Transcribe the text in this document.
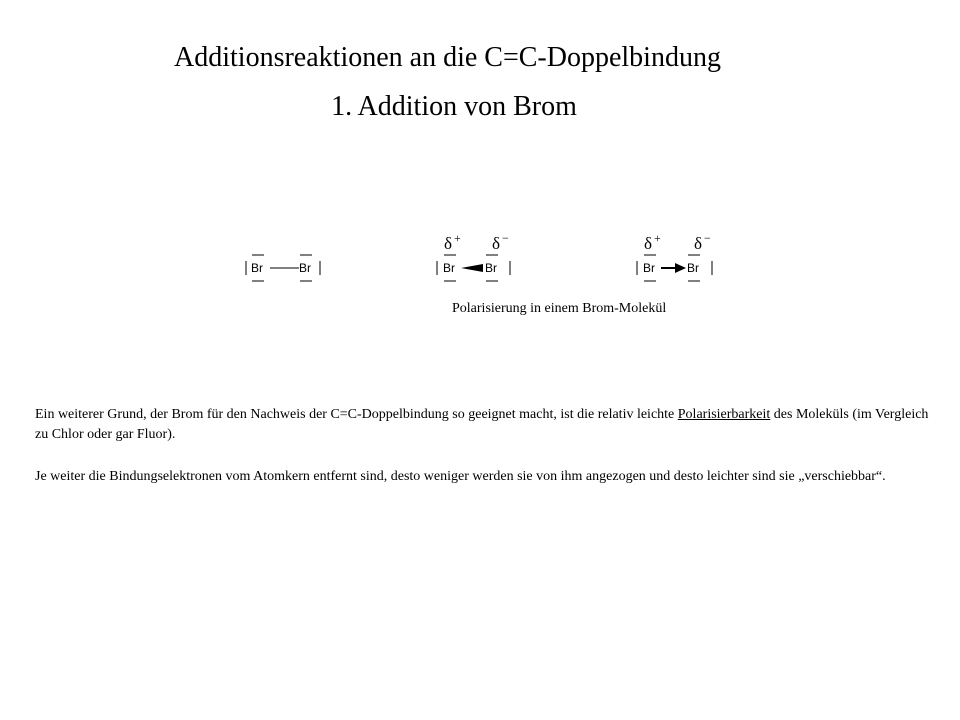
Additionsreaktionen an die C=C-Doppelbindung
1. Addition von Brom
Br	Br
δ + δ −
Br	Br
δ + δ −
Br	Br
Polarisierung in einem Brom-Molekül

Ein weiterer Grund, der Brom für den Nachweis der C=C-Doppelbindung so geeignet macht, ist die relativ leichte Polarisierbarkeit des Moleküls (im Vergleich zu Chlor oder gar Fluor).

Je weiter die Bindungselektronen vom Atomkern entfernt sind, desto weniger werden sie von ihm angezogen und desto leichter sind sie „verschiebbar“.
